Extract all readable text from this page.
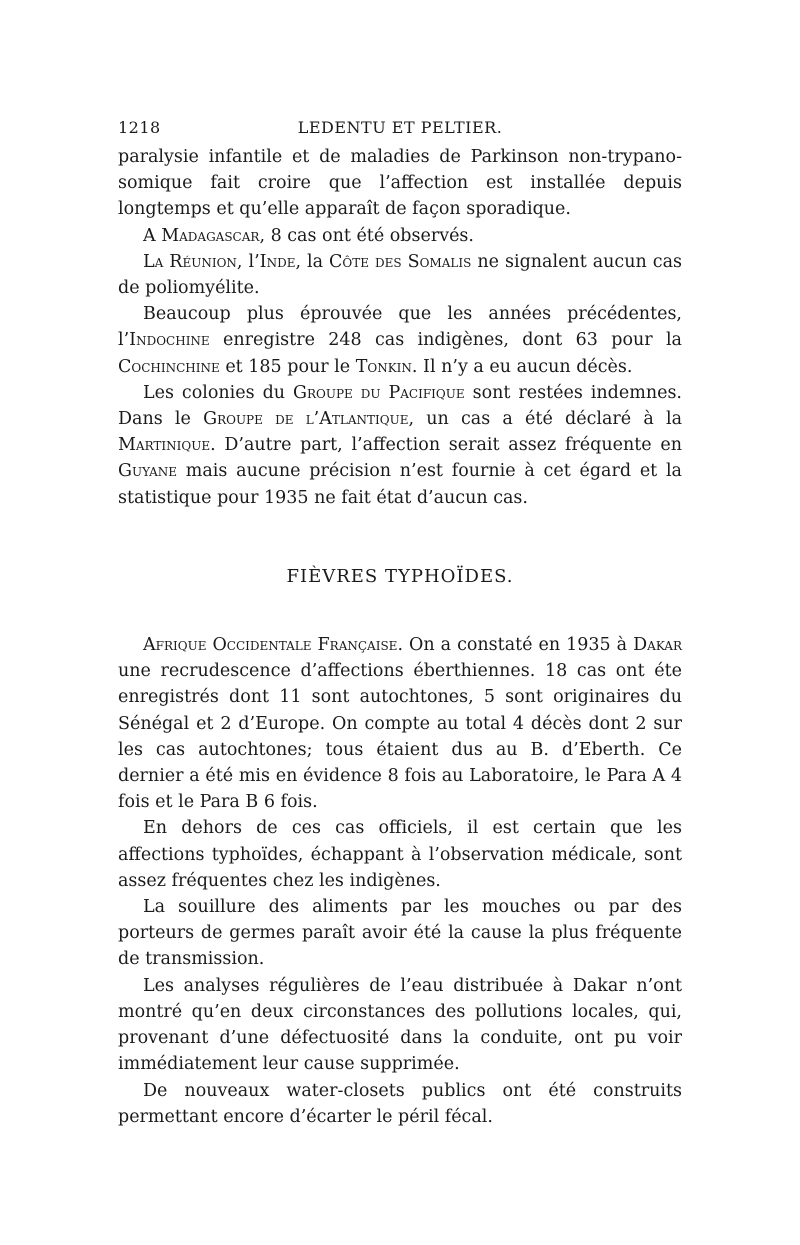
1218	LEDENTU ET PELTIER.

paralysie infantile et de maladies de Parkinson non-trypano-somique fait croire que l’affection est installée depuis longtemps et qu’elle apparaît de façon sporadique.

A Madagascar, 8 cas ont été observés.

La Réunion, l’Inde, la Côte des Somalis ne signalent aucun cas de poliomyélite.

Beaucoup plus éprouvée que les années précédentes, l’Indochine enregistre 248 cas indigènes, dont 63 pour la Cochinchine et 185 pour le Tonkin. Il n’y a eu aucun décès.

Les colonies du Groupe du Pacifique sont restées indemnes. Dans le Groupe de l’Atlantique, un cas a été déclaré à la Martinique. D’autre part, l’affection serait assez fréquente en Guyane mais aucune précision n’est fournie à cet égard et la statistique pour 1935 ne fait état d’aucun cas.

FIÈVRES TYPHOÏDES.

Afrique Occidentale Française. On a constaté en 1935 à Dakar une recrudescence d’affections éberthiennes. 18 cas ont éte enregistrés dont 11 sont autochtones, 5 sont originaires du Sénégal et 2 d’Europe. On compte au total 4 décès dont 2 sur les cas autochtones; tous étaient dus au B. d’Eberth. Ce dernier a été mis en évidence 8 fois au Laboratoire, le Para A 4 fois et le Para B 6 fois.

En dehors de ces cas officiels, il est certain que les affections typhoïdes, échappant à l’observation médicale, sont assez fréquentes chez les indigènes.

La souillure des aliments par les mouches ou par des porteurs de germes paraît avoir été la cause la plus fréquente de transmission.

Les analyses régulières de l’eau distribuée à Dakar n’ont montré qu’en deux circonstances des pollutions locales, qui, provenant d’une défectuosité dans la conduite, ont pu voir immédiatement leur cause supprimée.

De nouveaux water-closets publics ont été construits permettant encore d’écarter le péril fécal.
